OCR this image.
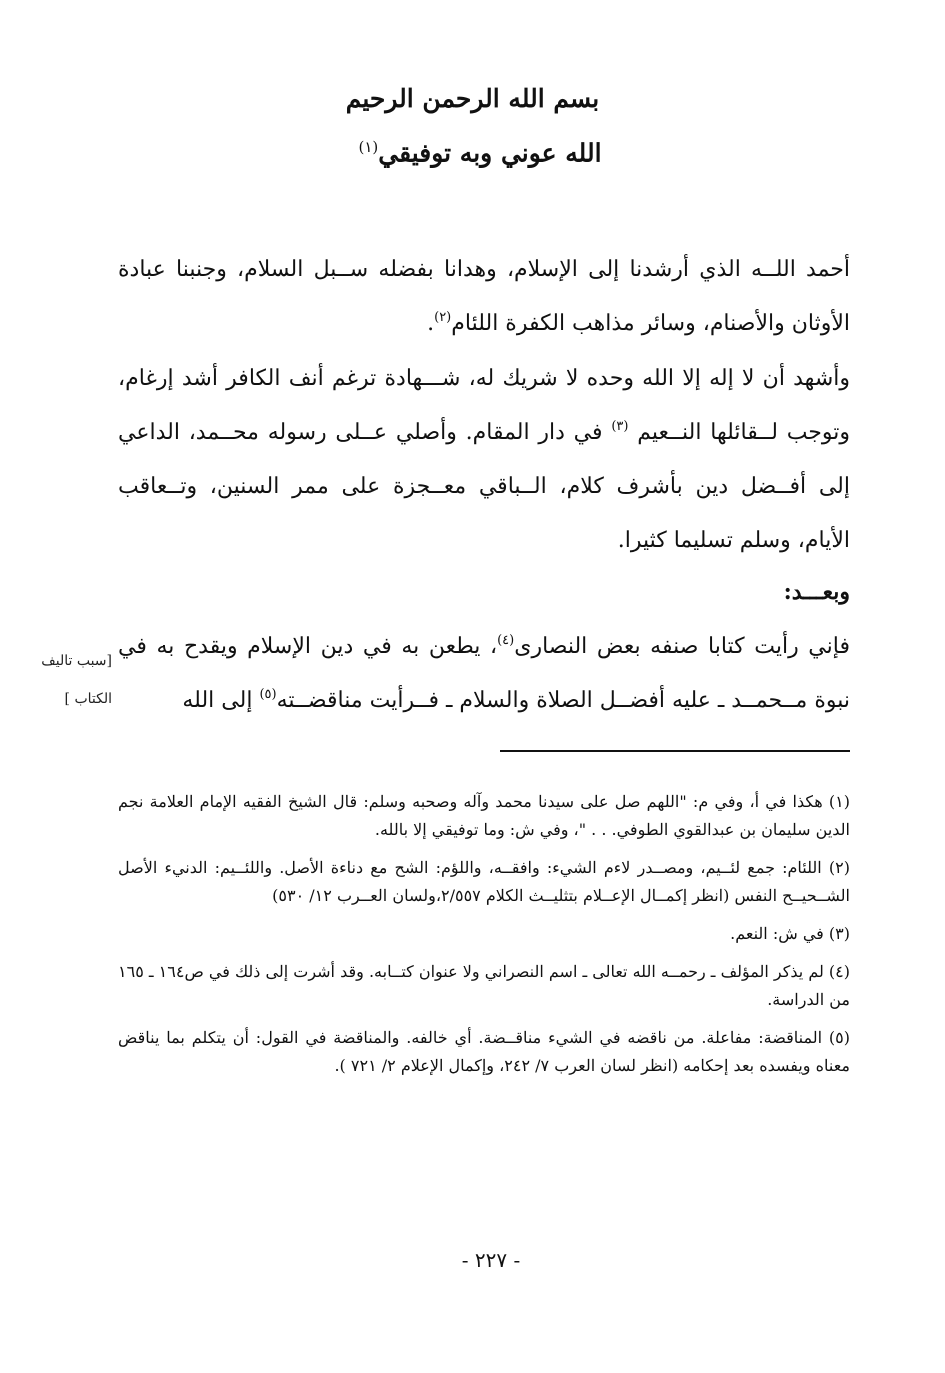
بسم الله الرحمن الرحيم
الله عوني وبه توفيقي$^{(١)}$
أحمد اللــه الذي أرشدنا إلى الإسلام، وهدانا بفضله ســبل السلام، وجنبنا عبادة الأوثان والأصنام، وسائر مذاهب الكفرة اللئام$^{(٢)}$.
وأشهد أن لا إله إلا الله وحده لا شريك له، شـــهادة ترغم أنف الكافر أشد إرغام، وتوجب لــقائلها النــعيم $^{(٣)}$ في دار المقام. وأصلي عــلى رسوله محــمد، الداعي إلى أفــضل دين بأشرف كلام، الــباقي معــجزة على ممر السنين، وتــعاقب الأيام، وسلم تسليما كثيرا.
وبعـــد:
فإني رأيت كتابا صنفه بعض النصارى$^{(٤)}$، يطعن به في دين الإسلام ويقدح به في نبوة مــحمــد ـ عليه أفضــل الصلاة والسلام ـ فــرأيت مناقضــته$^{(٥)}$ إلى الله
[سبب تاليف الكتاب ]
(١) هكذا في أ، وفي م: "اللهم صل على سيدنا محمد وآله وصحبه وسلم: قال الشيخ الفقيه الإمام العلامة نجم الدين سليمان بن عبدالقوي الطوفي. . . "، وفي ش: وما توفيقي إلا بالله.
(٢) اللئام: جمع لئــيم، ومصــدر لاءم الشيء: وافقــه، واللؤم: الشح مع دناءة الأصل. واللئــيم: الدنيء الأصل الشــحيــح النفس (انظر إكمــال الإعــلام بتثليــث الكلام ٢/٥٥٧،ولسان العــرب ١٢/ ٥٣٠)
(٣) في ش: النعم.
(٤) لم يذكر المؤلف ـ رحمــه الله تعالى ـ اسم النصراني ولا عنوان كتــابه. وقد أشرت إلى ذلك في ص١٦٤ ـ ١٦٥ من الدراسة.
(٥) المناقضة: مفاعلة. من ناقضه في الشيء مناقــضة. أي خالفه. والمناقضة في القول: أن يتكلم بما يناقض معناه ويفسده بعد إحكامه (انظر لسان العرب ٧/ ٢٤٢، وإكمال الإعلام ٢/ ٧٢١ ).
- ٢٢٧ -
